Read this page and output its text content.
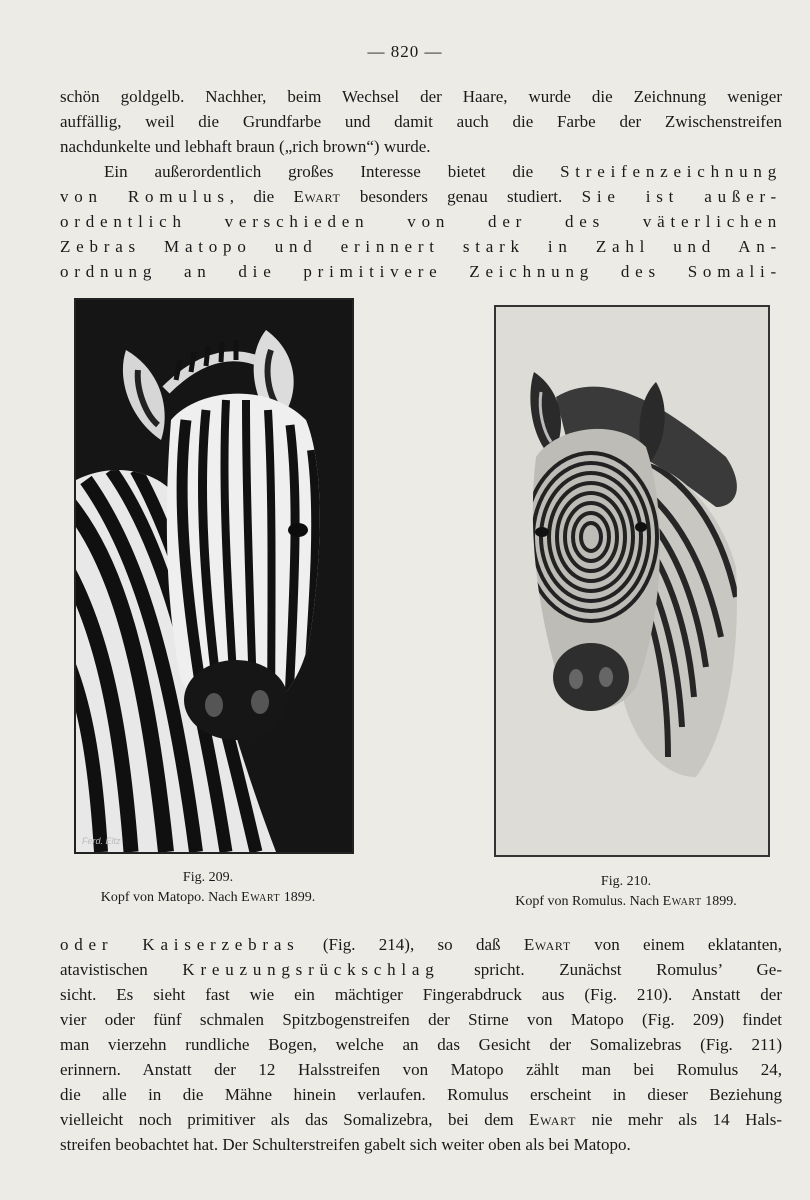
— 820 —
schön goldgelb. Nachher, beim Wechsel der Haare, wurde die Zeichnung weniger
auffällig, weil die Grundfarbe und damit auch die Farbe der Zwischenstreifen
nachdunkelte und lebhaft braun („rich brown“) wurde.
Ein außerordentlich großes Interesse bietet die Streifenzeichnung
von Romulus, die Ewart besonders genau studiert. Sie ist außer-
ordentlich verschieden von der des väterlichen
Zebras Matopo und erinnert stark in Zahl und An-
ordnung an die primitivere Zeichnung des Somali-
Ferd. Eltz
Fig. 209.
Kopf von Matopo. Nach Ewart 1899.
Fig. 210.
Kopf von Romulus. Nach Ewart 1899.
oder Kaiserzebras (Fig. 214), so daß Ewart von einem eklatanten,
atavistischen Kreuzungsrückschlag spricht. Zunächst Romulus’ Ge-
sicht. Es sieht fast wie ein mächtiger Fingerabdruck aus (Fig. 210). Anstatt der
vier oder fünf schmalen Spitzbogenstreifen der Stirne von Matopo (Fig. 209) findet
man vierzehn rundliche Bogen, welche an das Gesicht der Somalizebras (Fig. 211)
erinnern. Anstatt der 12 Halsstreifen von Matopo zählt man bei Romulus 24,
die alle in die Mähne hinein verlaufen. Romulus erscheint in dieser Beziehung
vielleicht noch primitiver als das Somalizebra, bei dem Ewart nie mehr als 14 Hals-
streifen beobachtet hat. Der Schulterstreifen gabelt sich weiter oben als bei Matopo.
